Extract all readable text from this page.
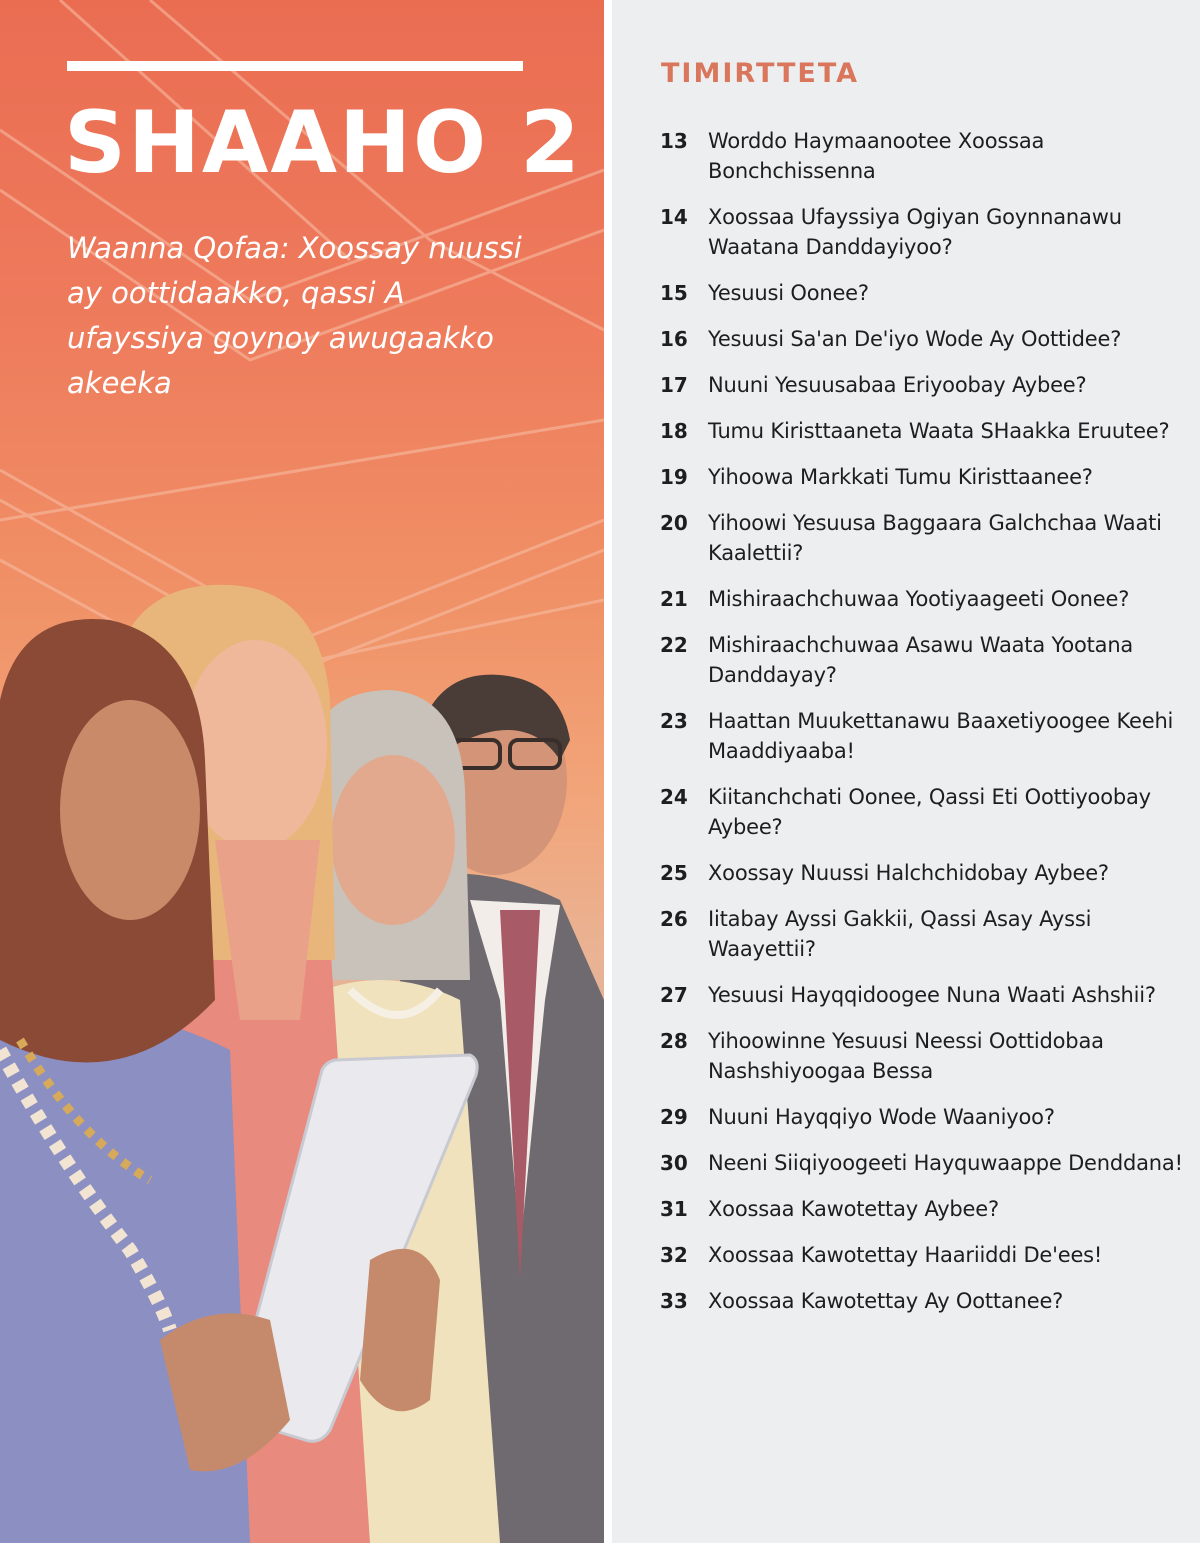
SHAAHO 2
Waanna Qofaa: Xoossay nuussi ay oottidaakko, qassi A ufayssiya goynoy awugaakko akeeka
TIMIRTTETA
13 Worddo Haymaanootee Xoossaa Bonchchissenna
14 Xoossaa Ufayssiya Ogiyan Goynnanawu Waatana Danddayiyoo?
15 Yesuusi Oonee?
16 Yesuusi Sa'an De'iyo Wode Ay Oottidee?
17 Nuuni Yesuusabaa Eriyoobay Aybee?
18 Tumu Kiristtaaneta Waata SHaakka Eruutee?
19 Yihoowa Markkati Tumu Kiristtaanee?
20 Yihoowi Yesuusa Baggaara Galchchaa Waati Kaalettii?
21 Mishiraachchuwaa Yootiyaageeti Oonee?
22 Mishiraachchuwaa Asawu Waata Yootana Danddayay?
23 Haattan Muukettanawu Baaxetiyoogee Keehi Maaddiyaaba!
24 Kiitanchchati Oonee, Qassi Eti Oottiyoobay Aybee?
25 Xoossay Nuussi Halchchidobay Aybee?
26 Iitabay Ayssi Gakkii, Qassi Asay Ayssi Waayettii?
27 Yesuusi Hayqqidoogee Nuna Waati Ashshii?
28 Yihoowinne Yesuusi Neessi Oottidobaa Nashshiyoogaa Bessa
29 Nuuni Hayqqiyo Wode Waaniyoo?
30 Neeni Siiqiyoogeeti Hayquwaappe Denddana!
31 Xoossaa Kawotettay Aybee?
32 Xoossaa Kawotettay Haariiddi De'ees!
33 Xoossaa Kawotettay Ay Oottanee?
